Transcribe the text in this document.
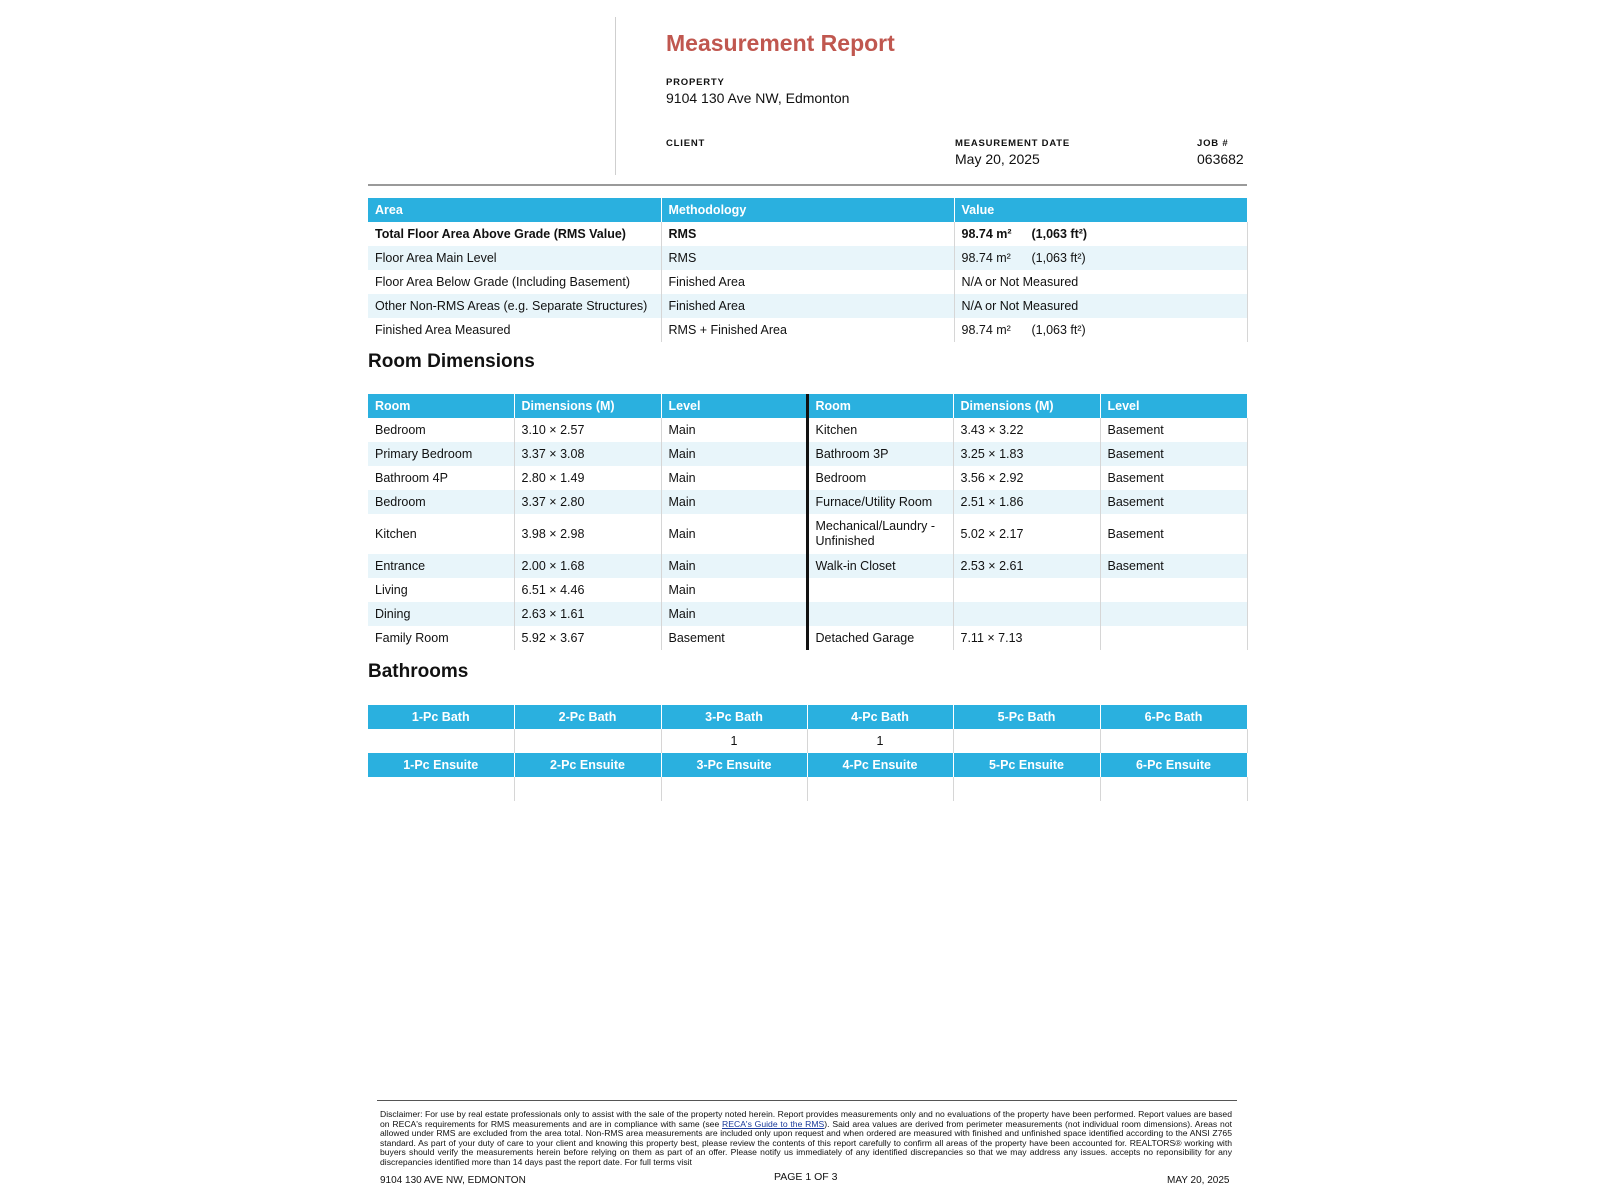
Measurement Report
PROPERTY
9104 130 Ave NW, Edmonton
CLIENT	MEASUREMENT DATE
May 20, 2025
JOB #
063682
Area	Methodology	Value
Total Floor Area Above Grade (RMS Value)	RMS	98.74 m² (1,063 ft²)
Floor Area Main Level	RMS	98.74 m² (1,063 ft²)
Floor Area Below Grade (Including Basement)	Finished Area	N/A or Not Measured
Other Non-RMS Areas (e.g. Separate Structures)	Finished Area	N/A or Not Measured
Finished Area Measured	RMS + Finished Area	98.74 m² (1,063 ft²)
Room Dimensions
Room	Dimensions (M)	Level	Room	Dimensions (M)	Level
Bedroom	3.10 × 2.57	Main	Kitchen	3.43 × 3.22	Basement
Primary Bedroom	3.37 × 3.08	Main	Bathroom 3P	3.25 × 1.83	Basement
Bathroom 4P	2.80 × 1.49	Main	Bedroom	3.56 × 2.92	Basement
Bedroom	3.37 × 2.80	Main	Furnace/Utility Room	2.51 × 1.86	Basement
Kitchen	3.98 × 2.98	Main	Mechanical/Laundry - Unfinished	5.02 × 2.17	Basement
Entrance	2.00 × 1.68	Main	Walk-in Closet	2.53 × 2.61	Basement
Living	6.51 × 4.46	Main			
Dining	2.63 × 1.61	Main			
Family Room	5.92 × 3.67	Basement	Detached Garage	7.11 × 7.13	
Bathrooms
1-Pc Bath	2-Pc Bath	3-Pc Bath	4-Pc Bath	5-Pc Bath	6-Pc Bath
		1	1		
1-Pc Ensuite	2-Pc Ensuite	3-Pc Ensuite	4-Pc Ensuite	5-Pc Ensuite	6-Pc Ensuite

Disclaimer: For use by real estate professionals only to assist with the sale of the property noted herein. Report provides measurements only and no evaluations of the property have been performed. Report values are based on RECA's requirements for RMS measurements and are in compliance with same (see RECA's Guide to the RMS). Said area values are derived from perimeter measurements (not individual room dimensions). Areas not allowed under RMS are excluded from the area total. Non-RMS area measurements are included only upon request and when ordered are measured with finished and unfinished space identified according to the ANSI Z765 standard. As part of your duty of care to your client and knowing this property best, please review the contents of this report carefully to confirm all areas of the property have been accounted for. REALTORS® working with buyers should verify the measurements herein before relying on them as part of an offer. Please notify us immediately of any identified discrepancies so that we may address any issues. accepts no reponsibility for any discrepancies identified more than 14 days past the report date. For full terms visit
9104 130 AVE NW, EDMONTON	PAGE 1 OF 3	MAY 20, 2025
